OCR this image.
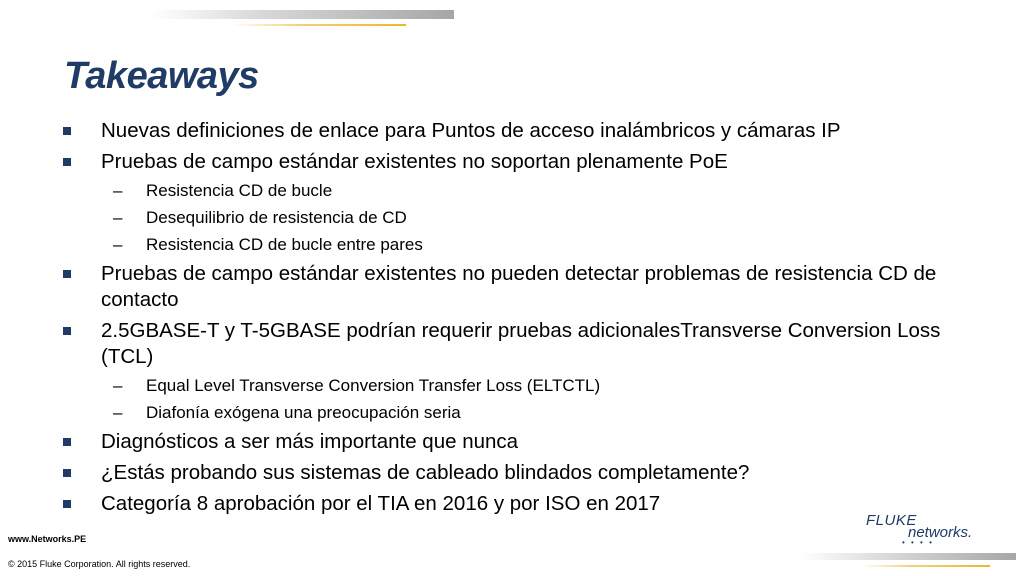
Takeaways
Nuevas definiciones de enlace para Puntos de acceso inalámbricos y cámaras IP
Pruebas de campo estándar existentes no soportan plenamente PoE
– Resistencia CD de bucle
– Desequilibrio de resistencia de CD
– Resistencia CD de bucle entre pares
Pruebas de campo estándar existentes no pueden detectar problemas de resistencia CD de contacto
2.5GBASE-T y T-5GBASE podrían requerir pruebas adicionalesTransverse Conversion Loss (TCL)
– Equal Level Transverse Conversion Transfer Loss (ELTCTL)
– Diafonía exógena una preocupación seria
Diagnósticos a ser más importante que nunca
¿Estás probando sus sistemas de cableado blindados completamente?
Categoría 8 aprobación por el TIA en 2016 y por ISO en 2017
www.Networks.PE
© 2015 Fluke Corporation. All rights reserved.
FLUKE
networks.
• • • •
